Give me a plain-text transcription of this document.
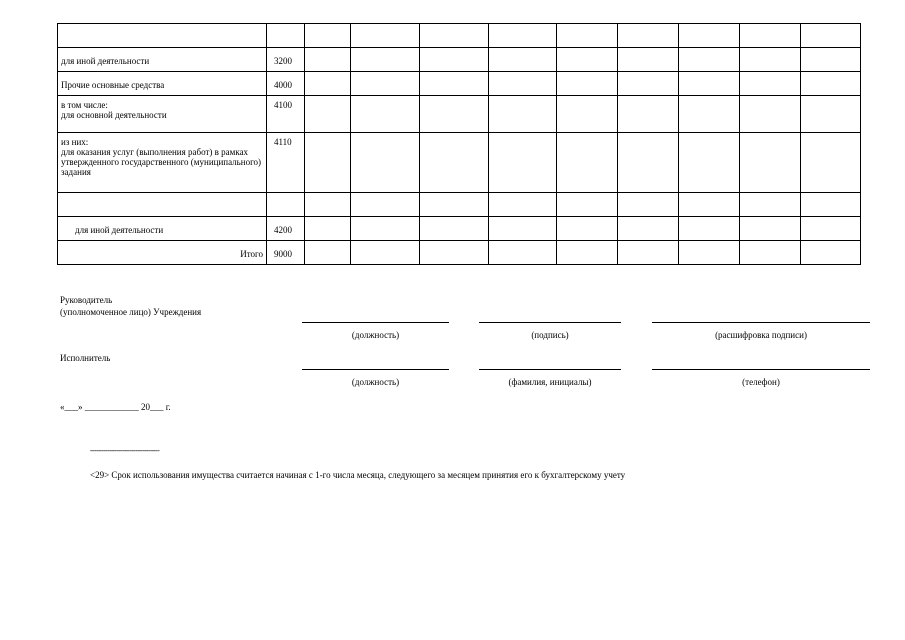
для иной деятельности	3200									
Прочие основные средства	4000									
в том числе:
для основной деятельности	4100									
из них:
для оказания услуг (выполнения работ) в рамках утвержденного государственного (муниципального) задания	4110									

для иной деятельности	4200									
Итого	9000									
Руководитель
(уполномоченное лицо) Учреждения
(должность)	(подпись)	(расшифровка подписи)
Исполнитель
(должность)	(фамилия, инициалы)	(телефон)
«___» ____________ 20___ г.
--------------------------------
<29> Срок использования имущества считается начиная с 1-го числа месяца, следующего за месяцем принятия его к бухгалтерскому учету
